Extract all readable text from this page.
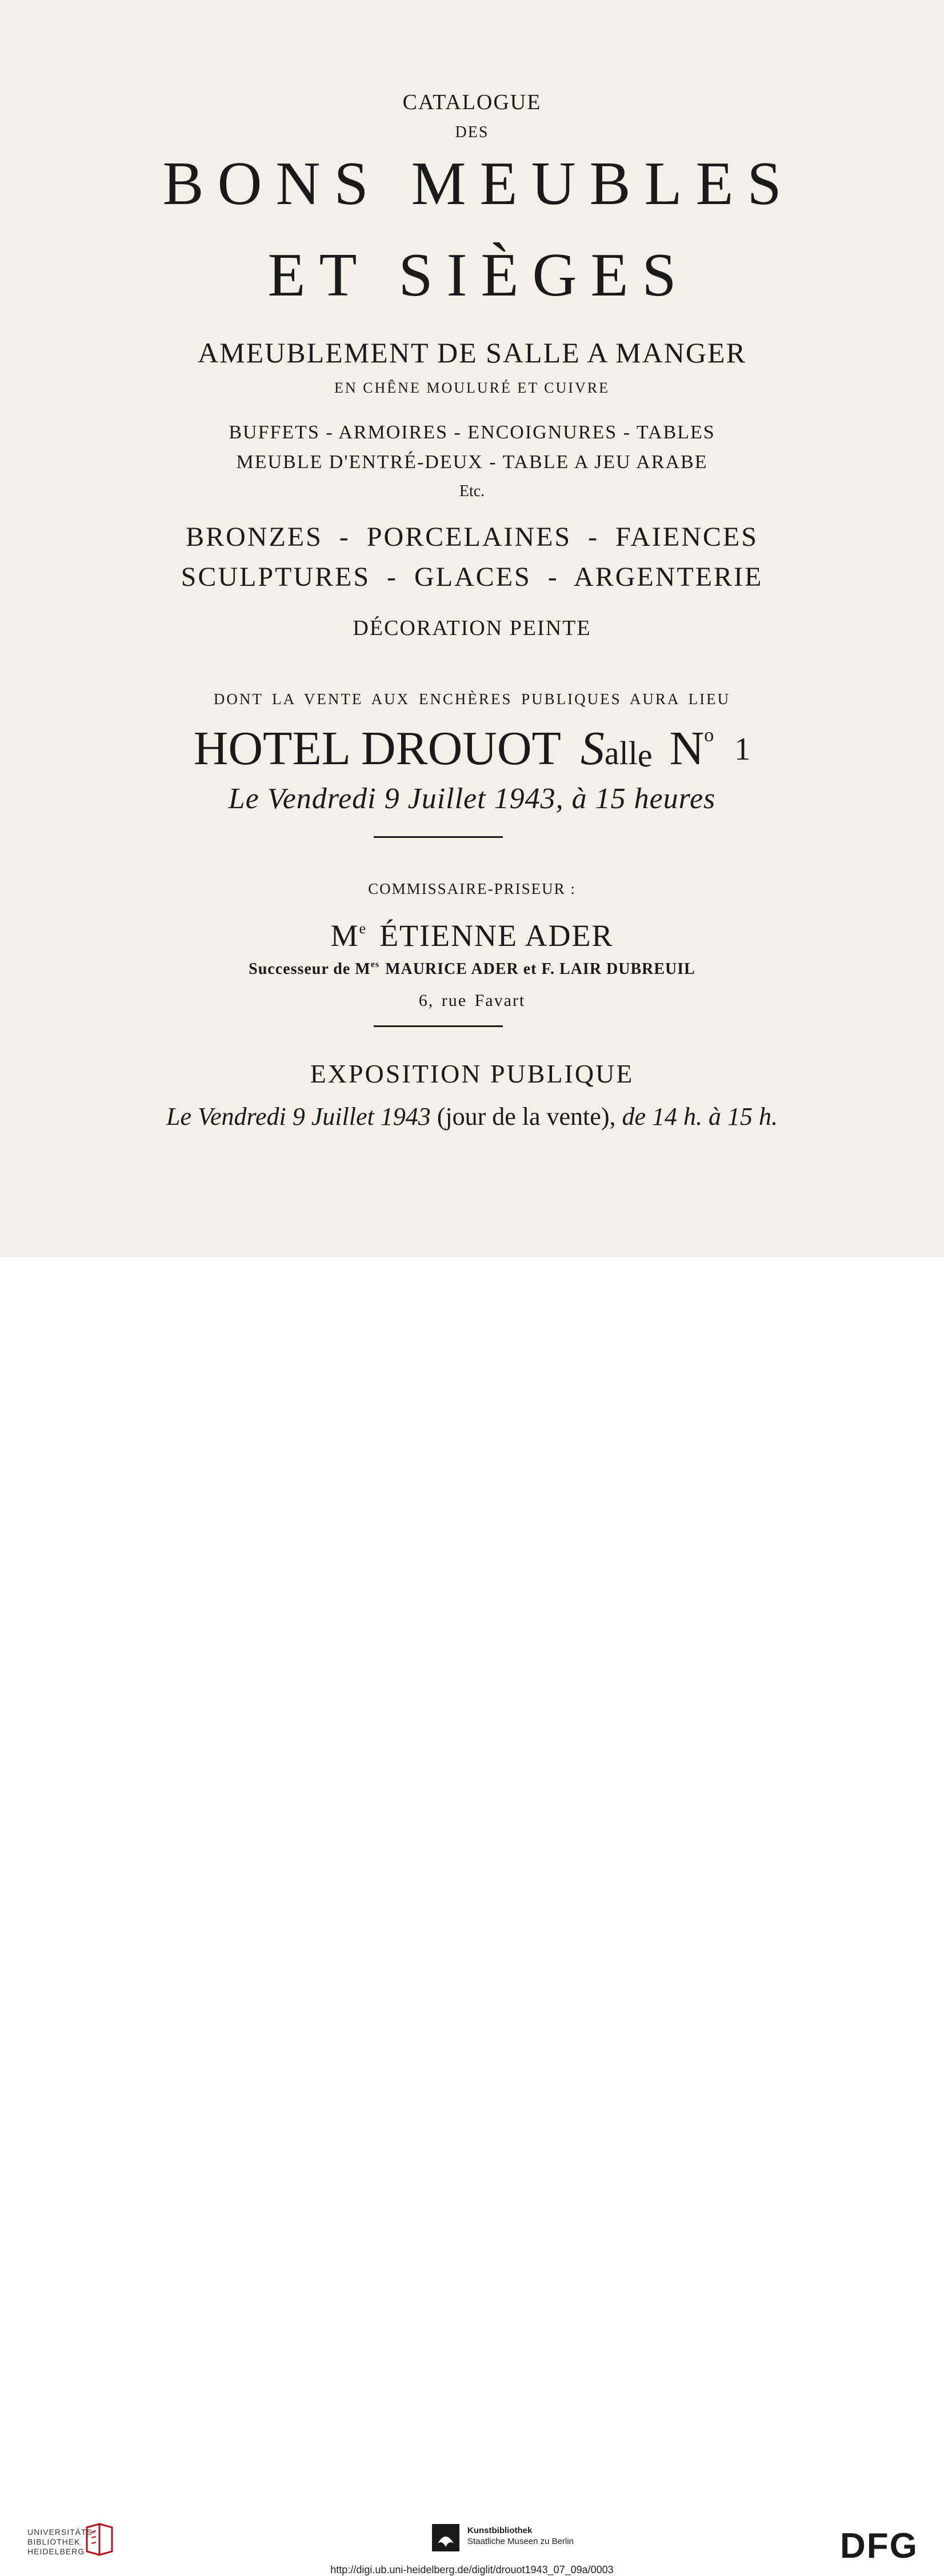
CATALOGUE
DES
BONS MEUBLES
ET SIÈGES
AMEUBLEMENT DE SALLE A MANGER
EN CHÊNE MOULURÉ ET CUIVRE
BUFFETS - ARMOIRES - ENCOIGNURES - TABLES
MEUBLE D'ENTRÉ-DEUX - TABLE A JEU ARABE
Etc.
BRONZES - PORCELAINES - FAIENCES
SCULPTURES - GLACES - ARGENTERIE
DÉCORATION PEINTE
DONT LA VENTE AUX ENCHÈRES PUBLIQUES AURA LIEU
HOTEL DROUOT Salle $N^o$ 1
Le Vendredi 9 Juillet 1943, à 15 heures
COMMISSAIRE-PRISEUR :
Me ÉTIENNE ADER
Successeur de $M^{es}$ MAURICE ADER et F. LAIR DUBREUIL
6, rue Favart
EXPOSITION PUBLIQUE
Le Vendredi 9 Juillet 1943 (jour de la vente), de 14 h. à 15 h.
UNIVERSITÄTS-
BIBLIOTHEK
HEIDELBERG
Kunstbibliothek
Staatliche Museen zu Berlin	DFG
http://digi.ub.uni-heidelberg.de/diglit/drouot1943_07_09a/0003
